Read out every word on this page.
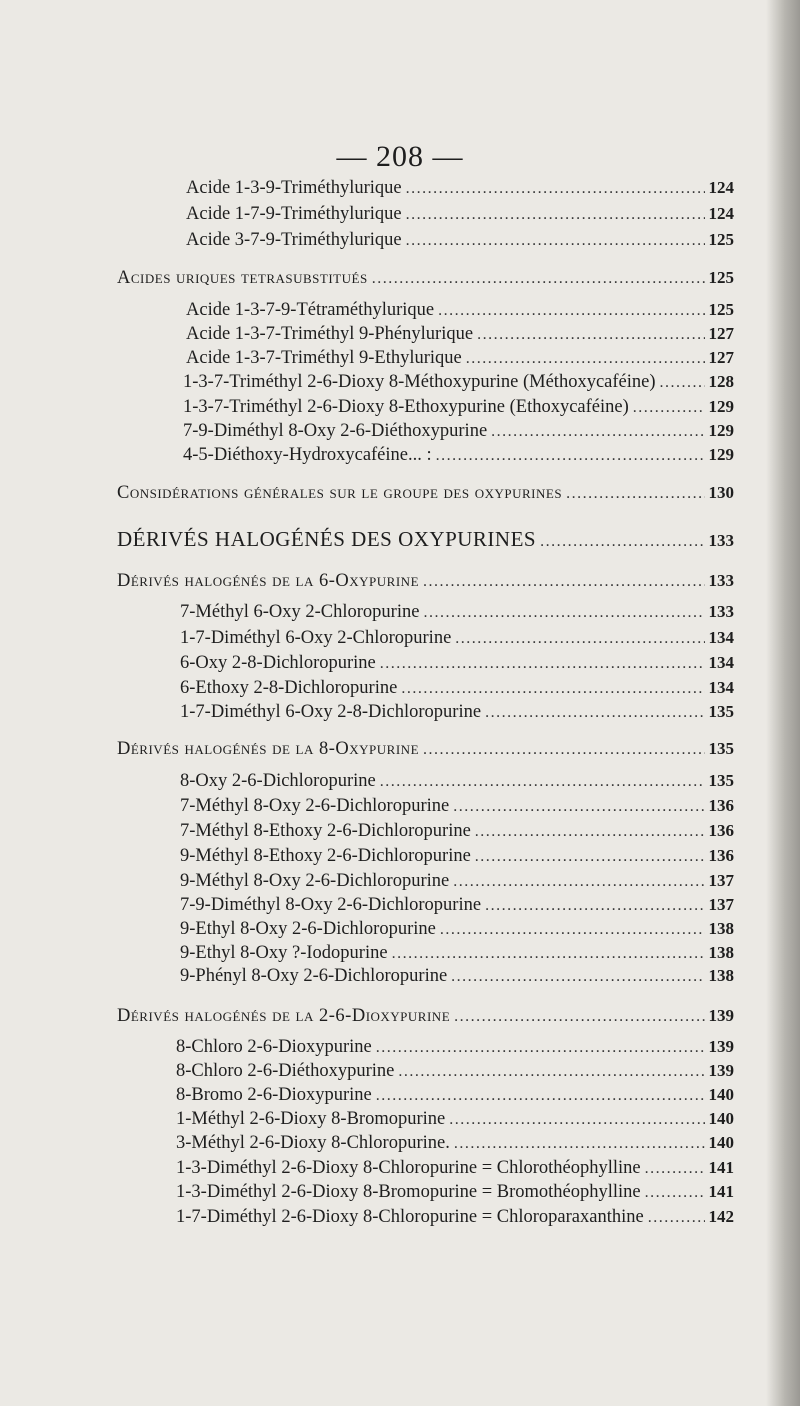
— 208 —
Acide 1-3-9-Triméthylurique .....	124
Acide 1-7-9-Triméthylurique .....	124
Acide 3-7-9-Triméthylurique .....	125
Acides uriques tetrasubstitués .....	125
Acide 1-3-7-9-Tétraméthylurique .....	125
Acide 1-3-7-Triméthyl 9-Phénylurique .....	127
Acide 1-3-7-Triméthyl 9-Ethylurique .....	127
1-3-7-Triméthyl 2-6-Dioxy 8-Méthoxypurine (Méthoxycaféine) .....	128
1-3-7-Triméthyl 2-6-Dioxy 8-Ethoxypurine (Ethoxycaféine) .....	129
7-9-Diméthyl 8-Oxy 2-6-Diéthoxypurine .....	129
4-5-Diéthoxy-Hydroxycaféine... : .....	129
Considérations générales sur le groupe des oxypurines .....	130
DÉRIVÉS HALOGÉNÉS DES OXYPURINES .....	133
Dérivés halogénés de la 6-Oxypurine .....	133
7-Méthyl 6-Oxy 2-Chloropurine .....	133
1-7-Diméthyl 6-Oxy 2-Chloropurine .....	134
6-Oxy 2-8-Dichloropurine .....	134
6-Ethoxy 2-8-Dichloropurine .....	134
1-7-Diméthyl 6-Oxy 2-8-Dichloropurine .....	135
Dérivés halogénés de la 8-Oxypurine .....	135
8-Oxy 2-6-Dichloropurine .....	135
7-Méthyl 8-Oxy 2-6-Dichloropurine .....	136
7-Méthyl 8-Ethoxy 2-6-Dichloropurine .....	136
9-Méthyl 8-Ethoxy 2-6-Dichloropurine .....	136
9-Méthyl 8-Oxy 2-6-Dichloropurine .....	137
7-9-Diméthyl 8-Oxy 2-6-Dichloropurine .....	137
9-Ethyl 8-Oxy 2-6-Dichloropurine .....	138
9-Ethyl 8-Oxy ?-Iodopurine .....	138
9-Phényl 8-Oxy 2-6-Dichloropurine .....	138
Dérivés halogénés de la 2-6-Dioxypurine .....	139
8-Chloro 2-6-Dioxypurine .....	139
8-Chloro 2-6-Diéthoxypurine .....	139
8-Bromo 2-6-Dioxypurine .....	140
1-Méthyl 2-6-Dioxy 8-Bromopurine .....	140
3-Méthyl 2-6-Dioxy 8-Chloropurine. .....	140
1-3-Diméthyl 2-6-Dioxy 8-Chloropurine = Chlorothéophylline .....	141
1-3-Diméthyl 2-6-Dioxy 8-Bromopurine = Bromothéophylline .....	141
1-7-Diméthyl 2-6-Dioxy 8-Chloropurine = Chloroparaxanthine .....	142
